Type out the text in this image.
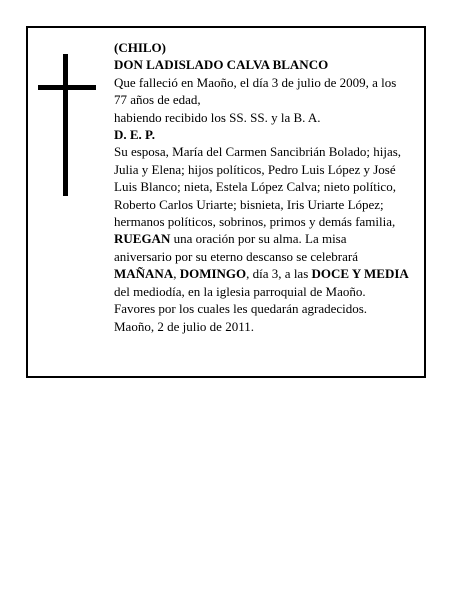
(CHILO)

DON LADISLADO CALVA BLANCO

Que falleció en Maoño, el día 3 de julio de 2009, a los

77 años de edad,

habiendo recibido los SS. SS. y la B. A.

D. E. P.

Su esposa, María del Carmen Sancibrián Bolado; hijas,

Julia y Elena; hijos políticos, Pedro Luis López y José

Luis Blanco; nieta, Estela López Calva; nieto político,

Roberto Carlos Uriarte; bisnieta, Iris Uriarte López;

hermanos políticos, sobrinos, primos y demás familia,

RUEGAN una oración por su alma. La misa

aniversario por su eterno descanso se celebrará

MAÑANA, DOMINGO, día 3, a las DOCE Y MEDIA

del mediodía, en la iglesia parroquial de Maoño.

Favores por los cuales les quedarán agradecidos.

Maoño, 2 de julio de 2011.
